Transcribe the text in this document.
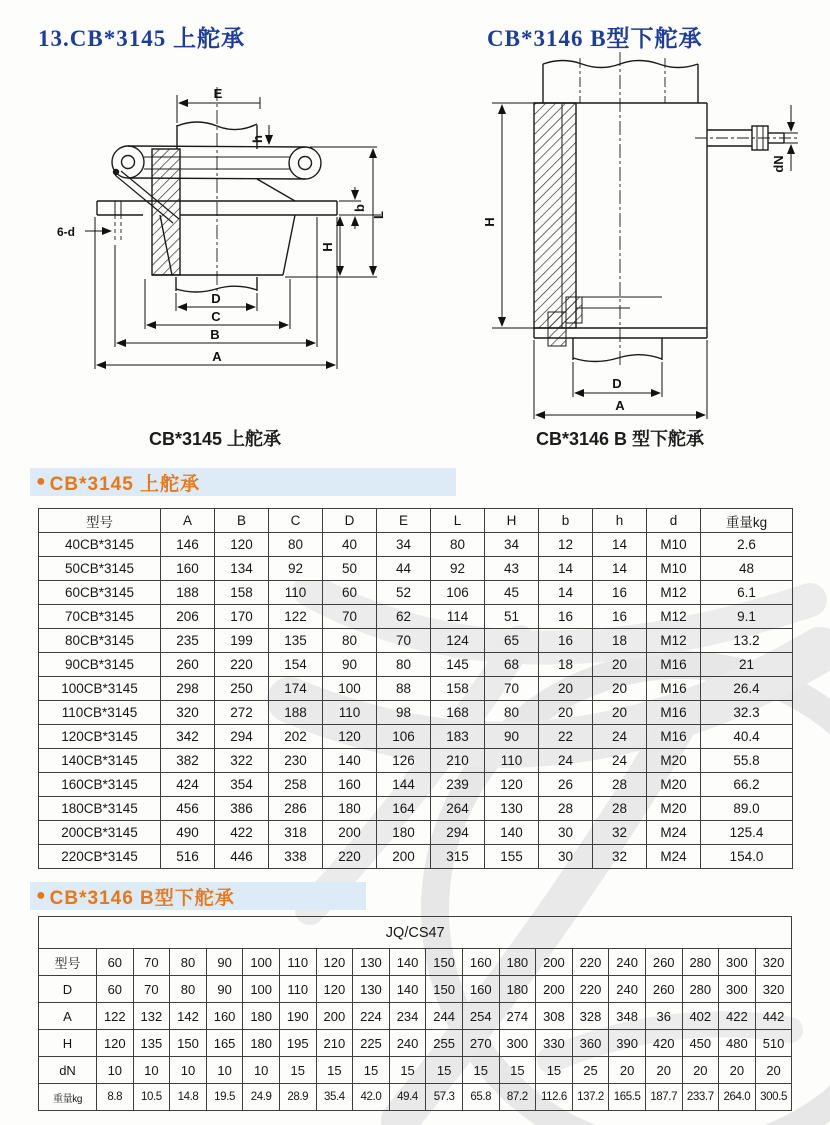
13.CB*3145 上舵承	CB*3146 B型下舵承
E
h
b
L
H
6-d
D
C
B
A
H
dN
D
A
CB*3145 上舵承	CB*3146 B 型下舵承
● CB*3145 上舵承
型号	A	B	C	D	E	L	H	b	h	d	重量kg
40CB*3145	146	120	80	40	34	80	34	12	14	M10	2.6
50CB*3145	160	134	92	50	44	92	43	14	14	M10	48
60CB*3145	188	158	110	60	52	106	45	14	16	M12	6.1
70CB*3145	206	170	122	70	62	114	51	16	16	M12	9.1
80CB*3145	235	199	135	80	70	124	65	16	18	M12	13.2
90CB*3145	260	220	154	90	80	145	68	18	20	M16	21
100CB*3145	298	250	174	100	88	158	70	20	20	M16	26.4
110CB*3145	320	272	188	110	98	168	80	20	20	M16	32.3
120CB*3145	342	294	202	120	106	183	90	22	24	M16	40.4
140CB*3145	382	322	230	140	126	210	110	24	24	M20	55.8
160CB*3145	424	354	258	160	144	239	120	26	28	M20	66.2
180CB*3145	456	386	286	180	164	264	130	28	28	M20	89.0
200CB*3145	490	422	318	200	180	294	140	30	32	M24	125.4
220CB*3145	516	446	338	220	200	315	155	30	32	M24	154.0
● CB*3146 B型下舵承
JQ/CS47																			
型号	60	70	80	90	100	110	120	130	140	150	160	180	200	220	240	260	280	300	320
D	60	70	80	90	100	110	120	130	140	150	160	180	200	220	240	260	280	300	320
A	122	132	142	160	180	190	200	224	234	244	254	274	308	328	348	36	402	422	442
H	120	135	150	165	180	195	210	225	240	255	270	300	330	360	390	420	450	480	510
dN	10	10	10	10	10	15	15	15	15	15	15	15	15	25	20	20	20	20	20
重量kg	8.8	10.5	14.8	19.5	24.9	28.9	35.4	42.0	49.4	57.3	65.8	87.2	112.6	137.2	165.5	187.7	233.7	264.0	300.5
